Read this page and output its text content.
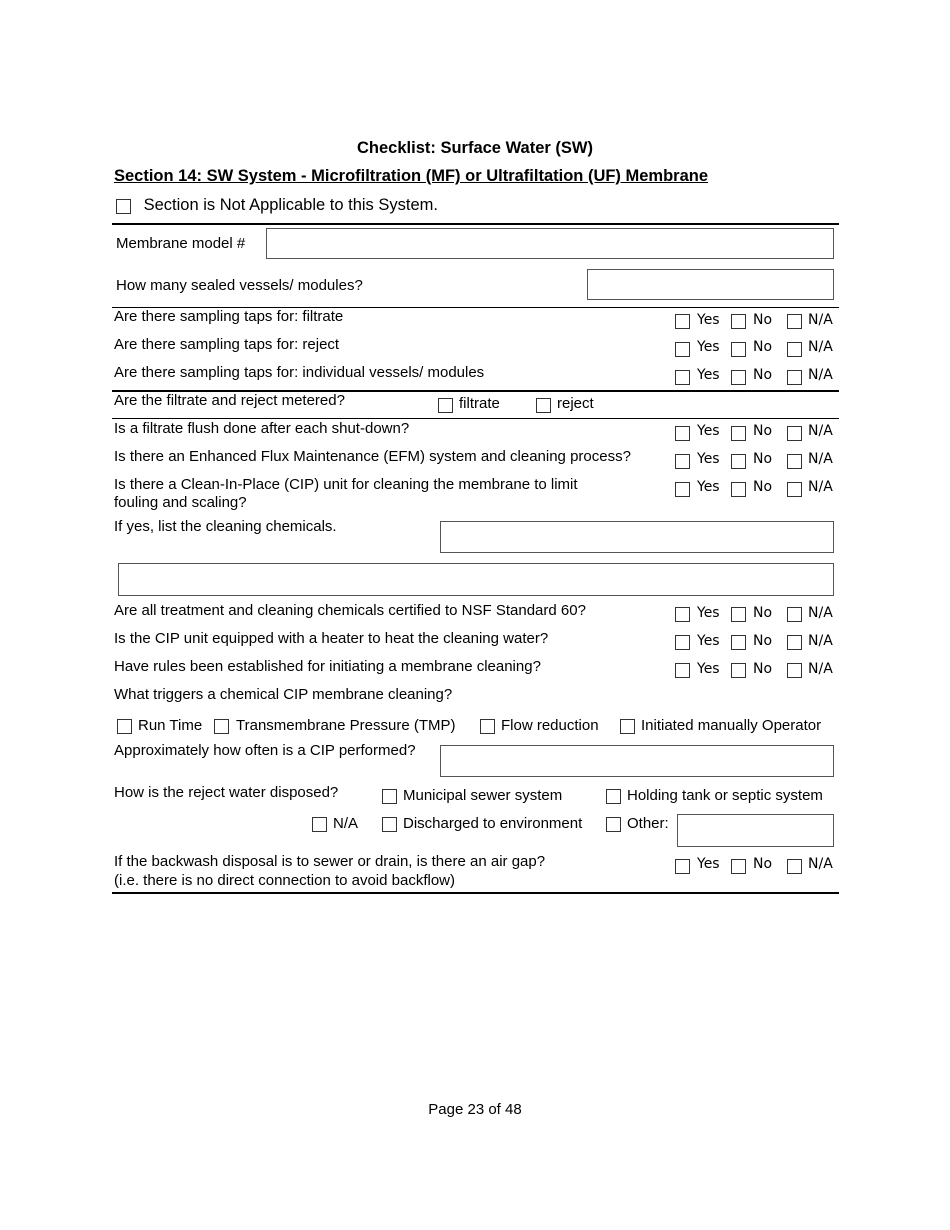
Checklist: Surface Water (SW)
Section 14: SW System - Microfiltration (MF) or Ultrafiltation (UF) Membrane
Section is Not Applicable to this System.
Membrane model #
How many sealed vessels/ modules?
Are there sampling taps for: filtrate	Yes No	N/A
Are there sampling taps for: reject	Yes No	N/A
Are there sampling taps for: individual vessels/ modules	Yes No	N/A
Are the filtrate and reject metered?	filtrate	reject
Is a filtrate flush done after each shut-down?	Yes No	N/A
Is there an Enhanced Flux Maintenance (EFM) system and cleaning process?	Yes No	N/A
Is there a Clean-In-Place (CIP) unit for cleaning the membrane to limit
fouling and scaling?
Yes No	N/A
If yes, list the cleaning chemicals.
Are all treatment and cleaning chemicals certified to NSF Standard 60?	Yes No	N/A
Is the CIP unit equipped with a heater to heat the cleaning water?	Yes No	N/A
Have rules been established for initiating a membrane cleaning?	Yes No	N/A
What triggers a chemical CIP membrane cleaning?
Run Time Transmembrane Pressure (TMP)	Flow reduction	Initiated manually Operator
Approximately how often is a CIP performed?
How is the reject water disposed?	Municipal sewer system	Holding tank or septic system
N/A	Discharged to environment	Other:
If the backwash disposal is to sewer or drain, is there an air gap?
(i.e. there is no direct connection to avoid backflow)
Yes No	N/A
Page 23 of 48
